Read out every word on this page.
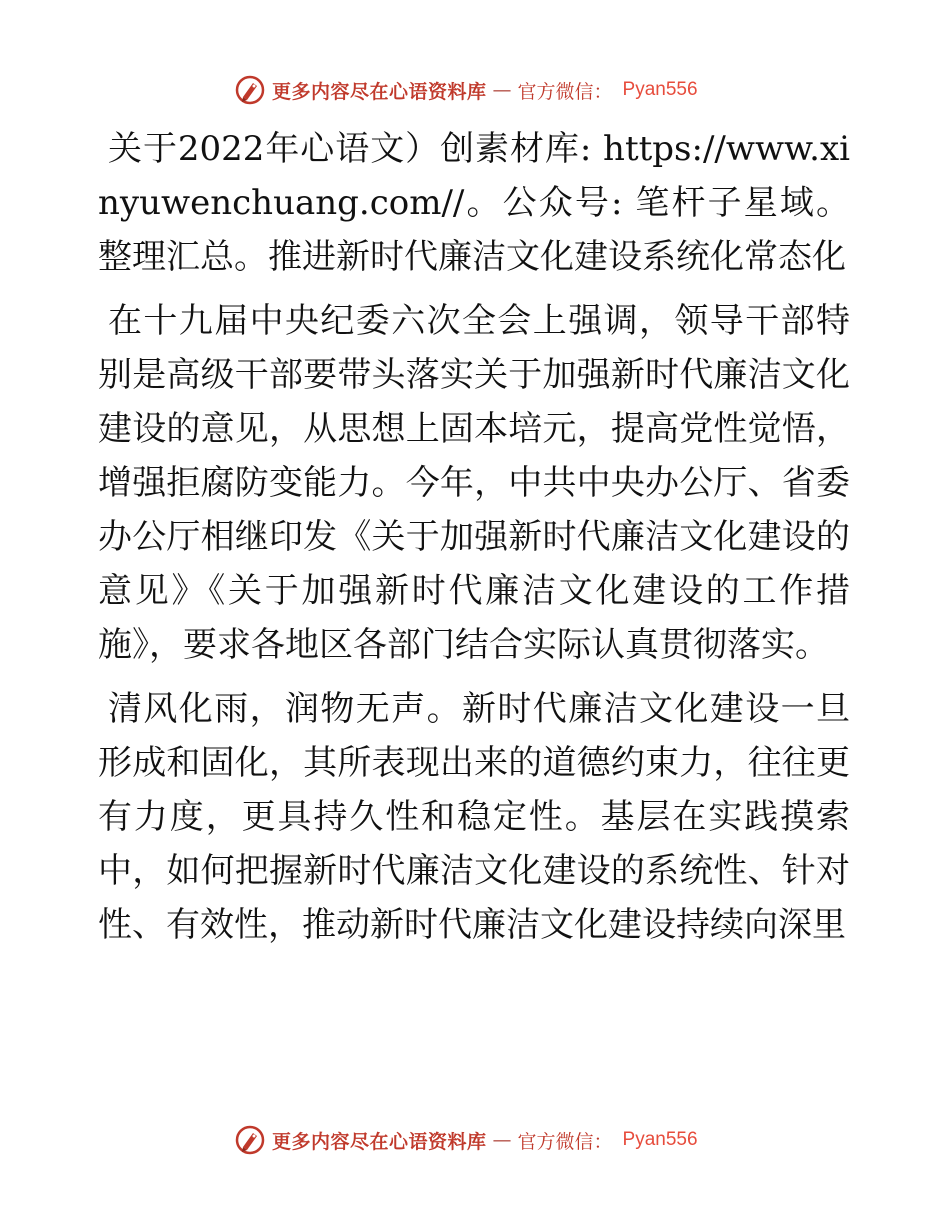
更多内容尽在心语资料库 — 官方微信： Pyan556

关于2022年心语文）创素材库: https://www.xinyuwenchuang.com//。公众号: 笔杆子星域。整理汇总。推进新时代廉洁文化建设系统化常态化

在十九届中央纪委六次全会上强调，领导干部特别是高级干部要带头落实关于加强新时代廉洁文化建设的意见，从思想上固本培元，提高党性觉悟，增强拒腐防变能力。今年，中共中央办公厅、省委办公厅相继印发《关于加强新时代廉洁文化建设的意见》《关于加强新时代廉洁文化建设的工作措施》，要求各地区各部门结合实际认真贯彻落实。

清风化雨，润物无声。新时代廉洁文化建设一旦形成和固化，其所表现出来的道德约束力，往往更有力度，更具持久性和稳定性。基层在实践摸索中，如何把握新时代廉洁文化建设的系统性、针对性、有效性，推动新时代廉洁文化建设持续向深里

更多内容尽在心语资料库 — 官方微信： Pyan556
